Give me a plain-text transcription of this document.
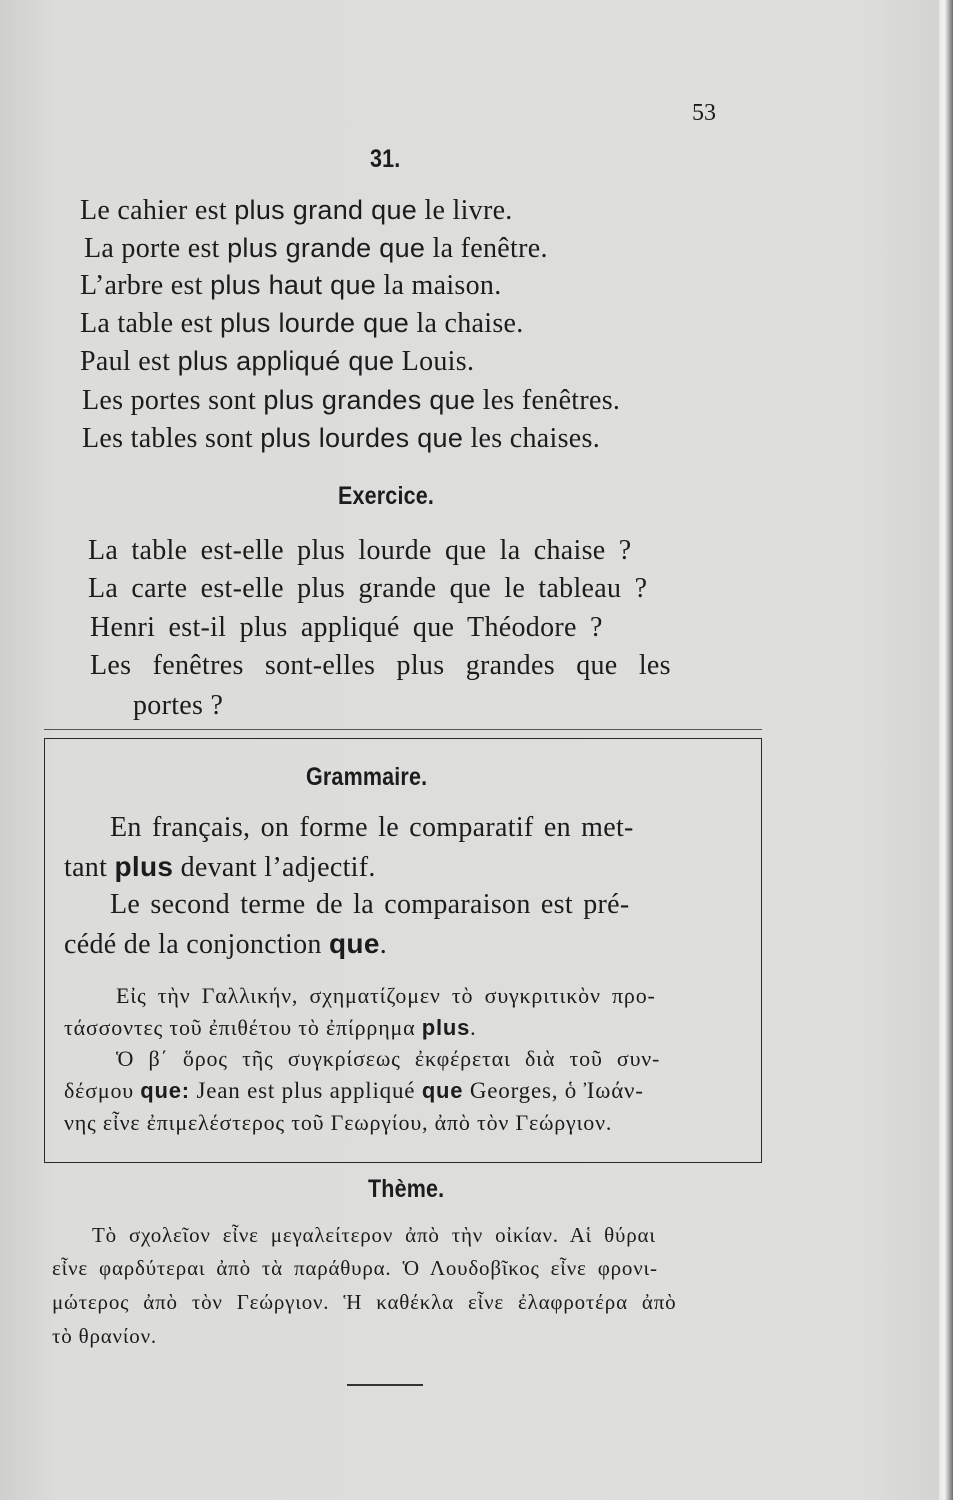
53
31.
Le cahier est plus grand que le livre.
La porte est plus grande que la fenêtre.
L’arbre est plus haut que la maison.
La table est plus lourde que la chaise.
Paul est plus appliqué que Louis.
Les portes sont plus grandes que les fenêtres.
Les tables sont plus lourdes que les chaises.
Exercice.
La table est-elle plus lourde que la chaise ?
La carte est-elle plus grande que le tableau ?
Henri est-il plus appliqué que Théodore ?
Les fenêtres sont-elles plus grandes que les
portes ?
Grammaire.
En français, on forme le comparatif en met-
tant plus devant l’adjectif.
Le second terme de la comparaison est pré-
cédé de la conjonction que.
Εἰς τὴν Γαλλικήν, σχηματίζομεν τὸ συγκριτικὸν προ-
τάσσοντες τοῦ ἐπιθέτου τὸ ἐπίρρημα plus.
Ὁ β΄ ὅρος τῆς συγκρίσεως ἐκφέρεται διὰ τοῦ συν-
δέσμου que: Jean est plus appliqué que Georges, ὁ Ἰωάν-
νης εἶνε ἐπιμελέστερος τοῦ Γεωργίου, ἀπὸ τὸν Γεώργιον.
Thème.
Τὸ σχολεῖον εἶνε μεγαλείτερον ἀπὸ τὴν οἰκίαν. Αἱ θύραι
εἶνε φαρδύτεραι ἀπὸ τὰ παράθυρα. Ὁ Λουδοβῖκος εἶνε φρονι-
μώτερος ἀπὸ τὸν Γεώργιον. Ἡ καθέκλα εἶνε ἐλαφροτέρα ἀπὸ
τὸ θρανίον.
